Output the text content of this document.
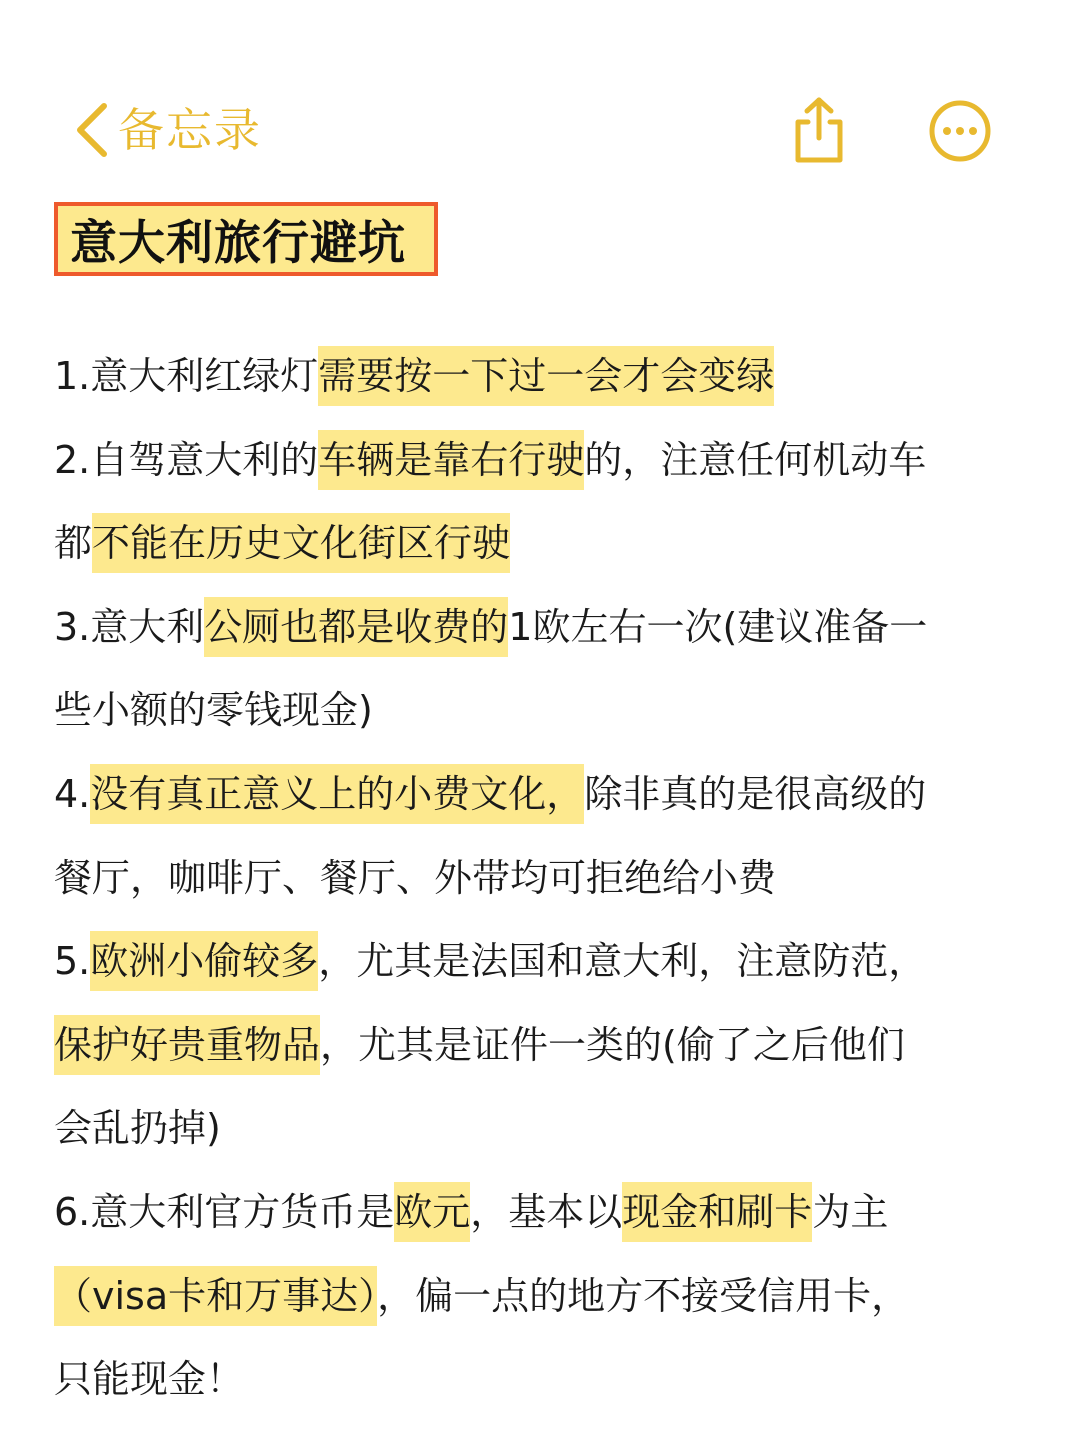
备忘录
意大利旅行避坑
1.意大利红绿灯需要按一下过一会才会变绿
2.自驾意大利的车辆是靠右行驶的，注意任何机动车
都不能在历史文化街区行驶
3.意大利公厕也都是收费的1欧左右一次(建议准备一
些小额的零钱现金)
4.没有真正意义上的小费文化，除非真的是很高级的
餐厅，咖啡厅、餐厅、外带均可拒绝给小费
5.欧洲小偷较多，尤其是法国和意大利，注意防范，
保护好贵重物品，尤其是证件一类的(偷了之后他们
会乱扔掉)
6.意大利官方货币是欧元，基本以现金和刷卡为主
（visa卡和万事达），偏一点的地方不接受信用卡，
只能现金！
